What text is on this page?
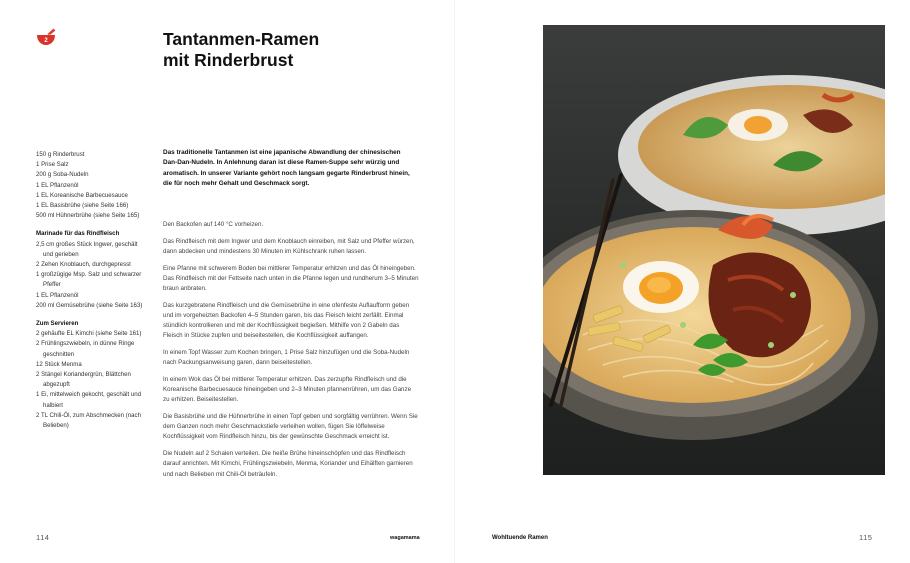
2	Tantanmen-Ramen
mit Rinderbrust
150 g Rinderbrust
1 Prise Salz
200 g Soba-Nudeln
1 EL Pflanzenöl
1 EL Koreanische Barbecuesauce
1 EL Basisbrühe (siehe Seite 166)
500 ml Hühnerbrühe (siehe Seite 165)
Marinade für das Rindfleisch
2,5 cm großes Stück Ingwer, geschält und gerieben
2 Zehen Knoblauch, durchgepresst
1 großzügige Msp. Salz und schwarzer Pfeffer
1 EL Pflanzenöl
200 ml Gemüsebrühe (siehe Seite 163)
Zum Servieren
2 gehäufte EL Kimchi (siehe Seite 161)
2 Frühlingszwiebeln, in dünne Ringe geschnitten
12 Stück Menma
2 Stängel Koriandergrün, Blättchen abgezupft
1 Ei, mittelweich gekocht, geschält und halbiert
2 TL Chili-Öl, zum Abschmecken (nach Belieben)

Das traditionelle Tantanmen ist eine japanische Abwandlung der chinesischen Dan-Dan-Nudeln. In Anlehnung daran ist diese Ramen-Suppe sehr würzig und aromatisch. In unserer Variante gehört noch langsam gegarte Rinderbrust hinein, die für noch mehr Gehalt und Geschmack sorgt.

Den Backofen auf 140 °C vorheizen.

Das Rindfleisch mit dem Ingwer und dem Knoblauch einreiben, mit Salz und Pfeffer würzen, dann abdecken und mindestens 30 Minuten im Kühlschrank ruhen lassen.

Eine Pfanne mit schwerem Boden bei mittlerer Temperatur erhitzen und das Öl hineingeben. Das Rindfleisch mit der Fettseite nach unten in die Pfanne legen und rundherum 3–5 Minuten braun anbraten.

Das kurzgebratene Rindfleisch und die Gemüsebrühe in eine ofenfeste Auflaufform geben und im vorgeheizten Backofen 4–5 Stunden garen, bis das Fleisch leicht zerfällt. Einmal stündlich kontrollieren und mit der Kochflüssigkeit begießen. Mithilfe von 2 Gabeln das Fleisch in Stücke zupfen und beiseitestellen, die Kochflüssigkeit auffangen.

In einem Topf Wasser zum Kochen bringen, 1 Prise Salz hinzufügen und die Soba-Nudeln nach Packungsanweisung garen, dann beiseitestellen.

In einem Wok das Öl bei mittlerer Temperatur erhitzen. Das zerzupfte Rindfleisch und die Koreanische Barbecuesauce hineingeben und 2–3 Minuten pfannenrühren, um das Ganze zu erhitzen. Beiseitestellen.

Die Basisbrühe und die Hühnerbrühe in einen Topf geben und sorgfältig verrühren. Wenn Sie dem Ganzen noch mehr Geschmackstiefe verleihen wollen, fügen Sie löffelweise Kochflüssigkeit vom Rindfleisch hinzu, bis der gewünschte Geschmack erreicht ist.

Die Nudeln auf 2 Schalen verteilen. Die heiße Brühe hineinschöpfen und das Rindfleisch darauf anrichten. Mit Kimchi, Frühlingszwiebeln, Menma, Koriander und Eihälften garnieren und nach Belieben mit Chili-Öl beträufeln.

114	wagamama	Wohltuende Ramen	115
